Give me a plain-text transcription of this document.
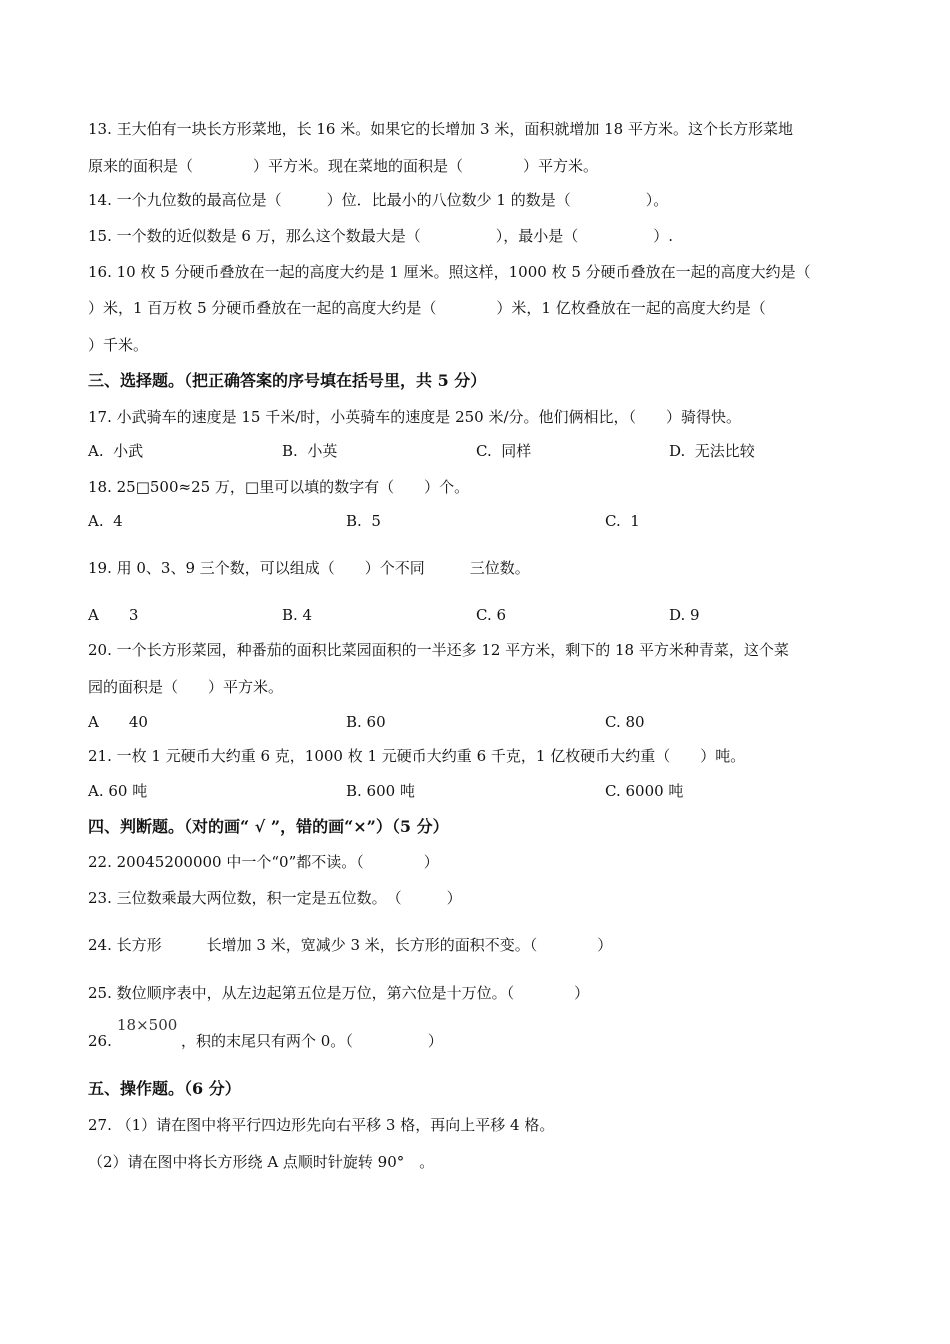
13. 王大伯有一块长方形菜地，长 16 米。如果它的长增加 3 米，面积就增加 18 平方米。这个长方形菜地
原来的面积是（　　　　）平方米。现在菜地的面积是（　　　　）平方米。
14. 一个九位数的最高位是（　　　）位．比最小的八位数少 1 的数是（　　　　　）。
15. 一个数的近似数是 6 万，那么这个数最大是（　　　　　），最小是（　　　　　）.
16. 10 枚 5 分硬币叠放在一起的高度大约是 1 厘米。照这样，1000 枚 5 分硬币叠放在一起的高度大约是（
）米，1 百万枚 5 分硬币叠放在一起的高度大约是（　　　　）米，1 亿枚叠放在一起的高度大约是（
）千米。
三、选择题。（把正确答案的序号填在括号里，共 5 分）
17. 小武骑车的速度是 15 千米/时，小英骑车的速度是 250 米/分。他们俩相比，（　　）骑得快。
A.  小武	B.  小英	C.  同样	D.  无法比较
18. 25□500≈25 万，□里可以填的数字有（　　）个。
A.  4	B.  5	C.  1
19. 用 0、3、9 三个数，可以组成（　　）个不同　　　三位数。
A　　3	B. 4	C. 6	D. 9
20. 一个长方形菜园，种番茄的面积比菜园面积的一半还多 12 平方米，剩下的 18 平方米种青菜，这个菜
园的面积是（　　）平方米。
A　　40	B. 60	C. 80
21. 一枚 1 元硬币大约重 6 克，1000 枚 1 元硬币大约重 6 千克，1 亿枚硬币大约重（　　）吨。
A. 60 吨	B. 600 吨	C. 6000 吨
四、判断题。（对的画“ √ ”，错的画“×”）（5 分）
22. 20045200000 中一个“0”都不读。（　　　　）
23. 三位数乘最大两位数，积一定是五位数。　（　　　）
24. 长方形　　　长增加 3 米，宽减少 3 米，长方形的面积不变。（　　　　）
25. 数位顺序表中，从左边起第五位是万位，第六位是十万位。（　　　　）
26.
18×500
，积的末尾只有两个 0。（　　　　　）
五、操作题。（6 分）
27. （1）请在图中将平行四边形先向右平移 3 格，再向上平移 4 格。
（2）请在图中将长方形绕 A 点顺时针旋转 90°　。
